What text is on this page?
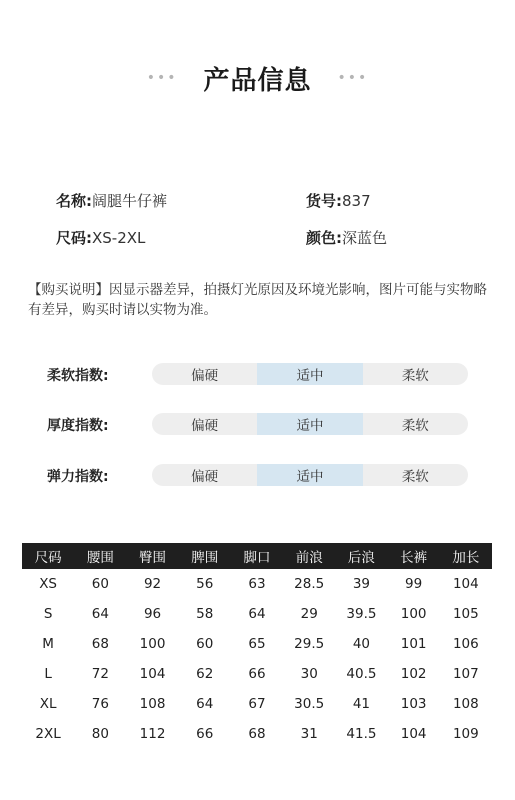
••• 产品信息 •••
名称:阔腿牛仔裤	货号:837
尺码:XS-2XL	颜色:深蓝色
【购买说明】因显示器差异，拍摄灯光原因及环境光影响，图片可能与实物略有差异，购买时请以实物为准。
柔软指数:	偏硬	适中	柔软
厚度指数:	偏硬	适中	柔软
弹力指数:	偏硬	适中	柔软
尺码	腰围	臀围	脾围	脚口	前浪	后浪	长裤	加长
XS	60	92	56	63	28.5	39	99	104
S	64	96	58	64	29	39.5	100	105
M	68	100	60	65	29.5	40	101	106
L	72	104	62	66	30	40.5	102	107
XL	76	108	64	67	30.5	41	103	108
2XL	80	112	66	68	31	41.5	104	109
